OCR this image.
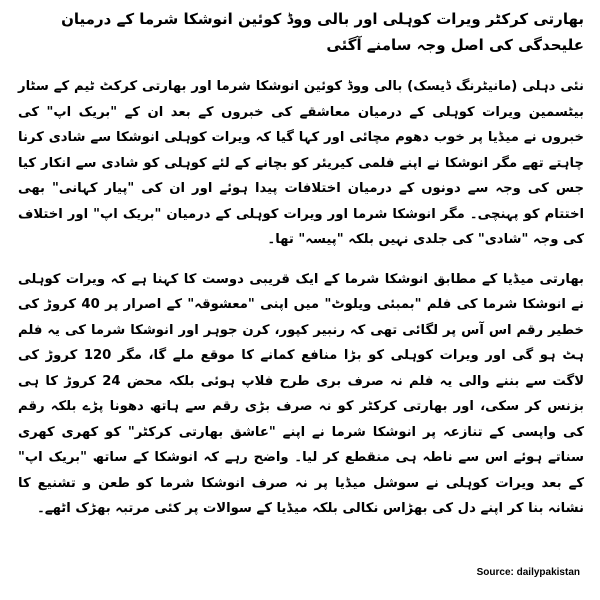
بھارتی کرکٹر ویرات کوہلی اور بالی ووڈ کوئین انوشکا شرما کے درمیان علیحدگی کی اصل وجہ سامنے آگئی

نئی دہلی (مانیٹرنگ ڈیسک) بالی ووڈ کوئین انوشکا شرما اور بھارتی کرکٹ ٹیم کے سٹار بیٹسمین ویرات کوہلی کے درمیان معاشقے کی خبروں کے بعد ان کے "بریک اپ" کی خبروں نے میڈیا پر خوب دھوم مچائی اور کہا گیا کہ ویرات کوہلی انوشکا سے شادی کرنا چاہتے تھے مگر انوشکا نے اپنے فلمی کیریئر کو بچانے کے لئے کوہلی کو شادی سے انکار کیا جس کی وجہ سے دونوں کے درمیان اختلافات پیدا ہوئے اور ان کی "پیار کہانی" بھی اختتام کو پہنچی۔ مگر انوشکا شرما اور ویرات کوہلی کے درمیان "بریک اپ" اور اختلاف کی وجہ "شادی" کی جلدی نہیں بلکہ "پیسہ" تھا۔

بھارتی میڈیا کے مطابق انوشکا شرما کے ایک قریبی دوست کا کہنا ہے کہ ویرات کوہلی نے انوشکا شرما کی فلم "بمبئی ویلوٹ" میں اپنی "معشوقہ" کے اصرار پر 40 کروڑ کی خطیر رقم اس آس پر لگائی تھی کہ رنبیر کپور، کرن جوہر اور انوشکا شرما کی یہ فلم ہٹ ہو گی اور ویرات کوہلی کو بڑا منافع کمانے کا موقع ملے گا، مگر 120 کروڑ کی لاگت سے بننے والی یہ فلم نہ صرف بری طرح فلاپ ہوئی بلکہ محض 24 کروڑ کا ہی بزنس کر سکی، اور بھارتی کرکٹر کو نہ صرف بڑی رقم سے ہاتھ دھونا پڑے بلکہ رقم کی واپسی کے تنازعہ پر انوشکا شرما نے اپنے "عاشق بھارتی کرکٹر" کو کھری کھری سناتے ہوئے اس سے ناطہ ہی منقطع کر لیا۔ واضح رہے کہ انوشکا کے ساتھ "بریک اپ" کے بعد ویرات کوہلی نے سوشل میڈیا پر نہ صرف انوشکا شرما کو طعن و تشنیع کا نشانہ بنا کر اپنے دل کی بھڑاس نکالی بلکہ میڈیا کے سوالات پر کئی مرتبہ بھڑک اٹھے۔

Source: dailypakistan
